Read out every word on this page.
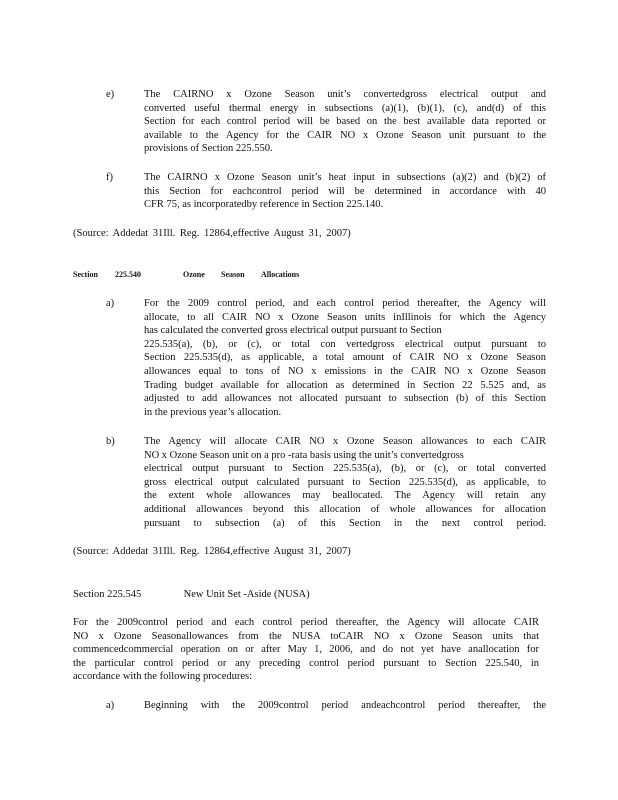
e)	The CAIRNO x Ozone Season unit’s convertedgross electrical output and
converted useful thermal energy in subsections (a)(1), (b)(1), (c), and(d) of this
Section for each control period will be based on the best available data reported or
available to the Agency for the CAIR NO x Ozone Season unit pursuant to the
provisions of Section 225.550.
f)	The CAIRNO x Ozone Season unit’s heat input in subsections (a)(2) and (b)(2) of
this Section for eachcontrol period will be determined in accordance with 40
CFR 75, as incorporatedby reference in Section 225.140.
(Source: Addedat 31Ill. Reg. 12864,effective August 31, 2007)
Section 225.540	Ozone Season Allocations
a)	For the 2009 control period, and each control period thereafter, the Agency will
allocate, to all CAIR NO x Ozone Season units inIllinois for which the Agency
has calculated the converted gross electrical output pursuant to Section
225.535(a), (b), or (c), or total con vertedgross electrical output pursuant to
Section 225.535(d), as applicable, a total amount of CAIR NO x Ozone Season
allowances equal to tons of NO x emissions in the CAIR NO x Ozone Season
Trading budget available for allocation as determined in Section 22 5.525 and, as
adjusted to add allowances not allocated pursuant to subsection (b) of this Section
in the previous year’s allocation.
b)	The Agency will allocate CAIR NO x Ozone Season allowances to each CAIR
NO x Ozone Season unit on a pro -rata basis using the unit’s convertedgross
electrical output pursuant to Section 225.535(a), (b), or (c), or total converted
gross electrical output calculated pursuant to Section 225.535(d), as applicable, to
the extent whole allowances may beallocated. The Agency will retain any
additional allowances beyond this allocation of whole allowances for allocation
pursuant to subsection (a) of this Section in the next control period.
(Source: Addedat 31Ill. Reg. 12864,effective August 31, 2007)
Section 225.545	New Unit Set -Aside (NUSA)
For the 2009control period and each control period thereafter, the Agency will allocate CAIR
NO x Ozone Seasonallowances from the NUSA toCAIR NO x Ozone Season units that
commencedcommercial operation on or after May 1, 2006, and do not yet have anallocation for
the particular control period or any preceding control period pursuant to Section 225.540, in
accordance with the following procedures:
a)	Beginning with the 2009control period andeachcontrol period thereafter, the
